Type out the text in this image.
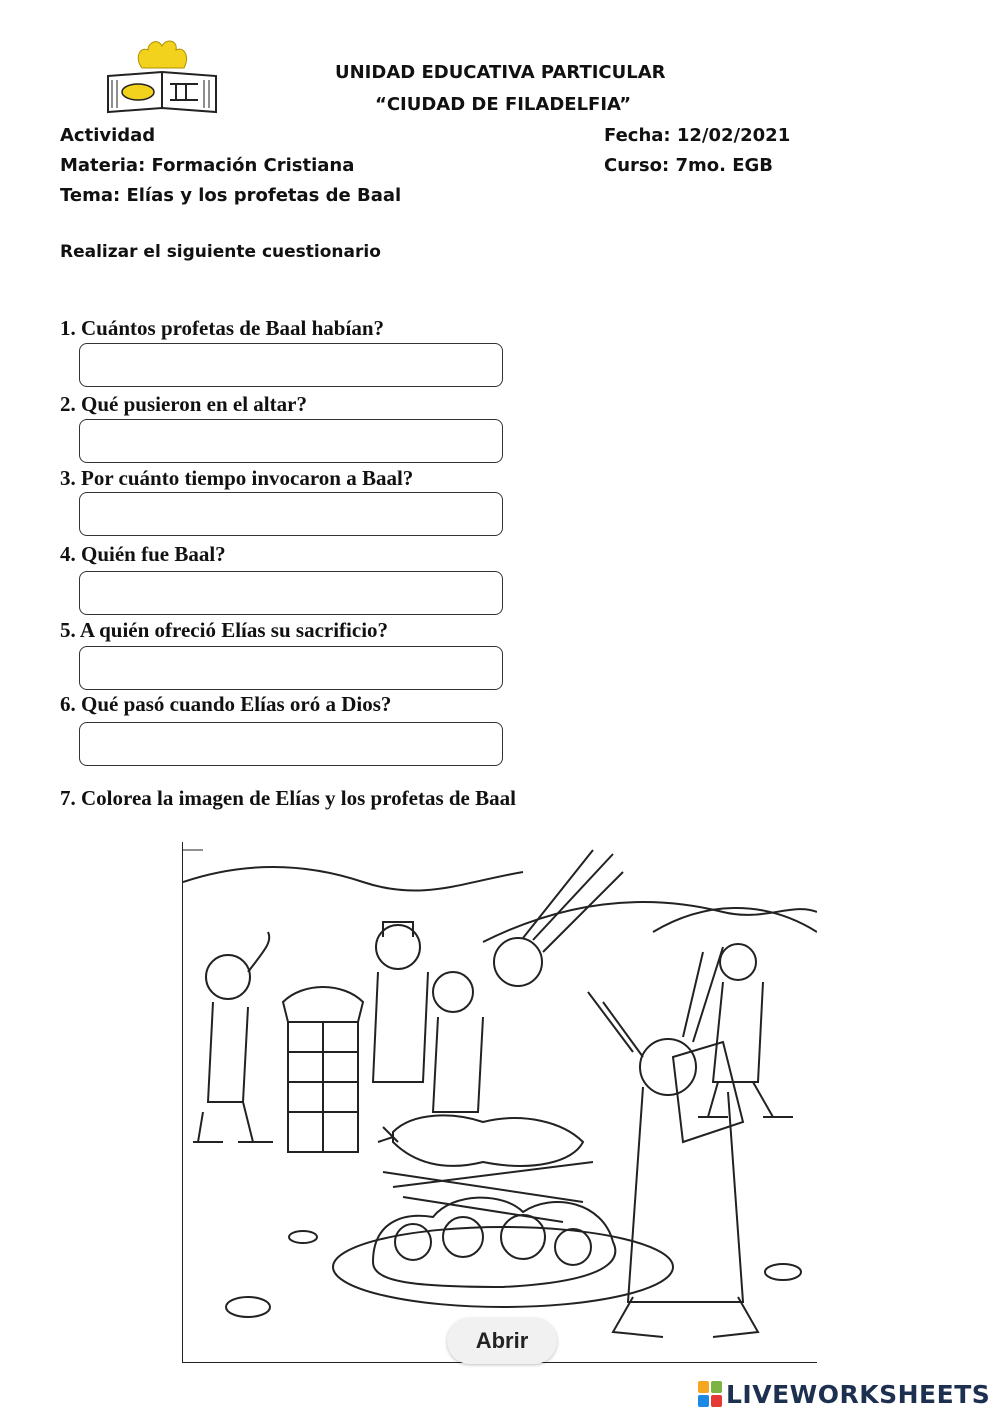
UNIDAD EDUCATIVA PARTICULAR
“CIUDAD DE FILADELFIA”
Actividad
Materia: Formación Cristiana
Tema: Elías y los profetas de Baal
Fecha: 12/02/2021
Curso: 7mo. EGB
Realizar el siguiente cuestionario
1. Cuántos profetas de Baal habían?
2. Qué pusieron en el altar?
3. Por cuánto tiempo invocaron a Baal?
4. Quién fue Baal?
5. A quién ofreció Elías su sacrificio?
6. Qué pasó cuando Elías oró a Dios?
7. Colorea la imagen de Elías y los profetas de Baal
Abrir
LIVEWORKSHEETS
